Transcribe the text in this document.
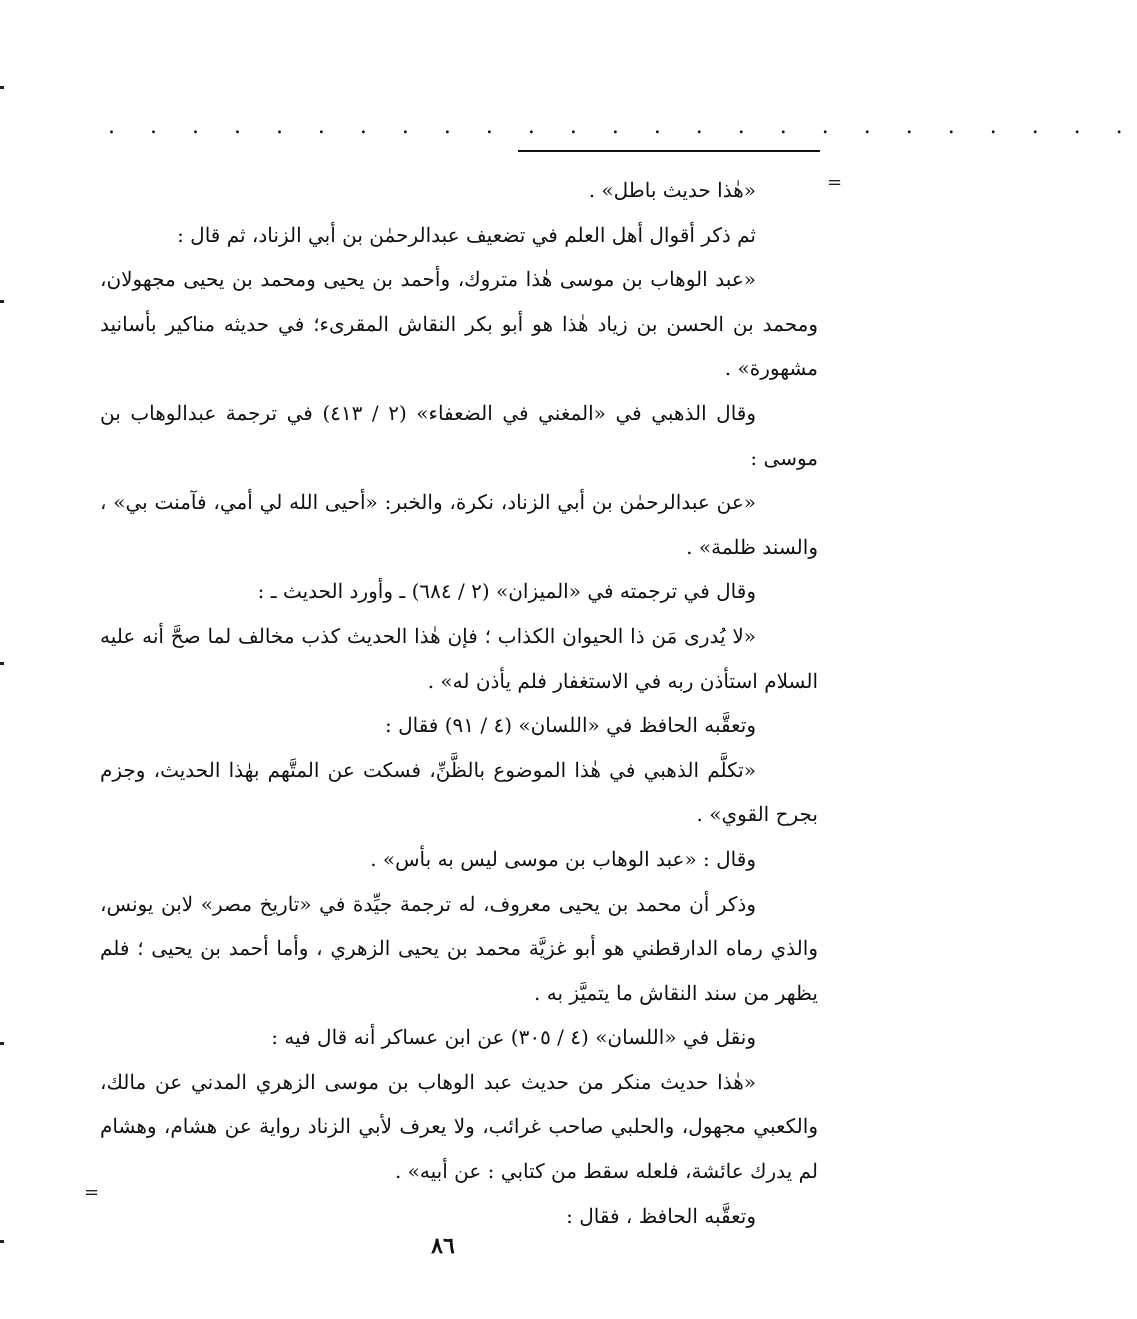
. . . . . . . . . . . . . . . . . . . . . . . . .
=
=

«هٰذا حديث باطل» .

ثم ذكر أقوال أهل العلم في تضعيف عبدالرحمٰن بن أبي الزناد، ثم قال :

«عبد الوهاب بن موسى هٰذا متروك، وأحمد بن يحيى ومحمد بن يحيى مجهولان، ومحمد بن الحسن بن زياد هٰذا هو أبو بكر النقاش المقرىء؛ في حديثه مناكير بأسانيد مشهورة» .

وقال الذهبي في «المغني في الضعفاء» (٢ / ٤١٣) في ترجمة عبدالوهاب بن موسى :

«عن عبدالرحمٰن بن أبي الزناد، نكرة، والخبر: «أحيى الله لي أمي، فآمنت بي» ، والسند ظلمة» .

وقال في ترجمته في «الميزان» (٢ / ٦٨٤) ـ وأورد الحديث ـ :

«لا يُدرى مَن ذا الحيوان الكذاب ؛ فإن هٰذا الحديث كذب مخالف لما صحَّ أنه عليه السلام استأذن ربه في الاستغفار فلم يأذن له» .

وتعقَّبه الحافظ في «اللسان» (٤ / ٩١) فقال :

«تكلَّم الذهبي في هٰذا الموضوع بالظَّنِّ، فسكت عن المتَّهم بهٰذا الحديث، وجزم بجرح القوي» .

وقال : «عبد الوهاب بن موسى ليس به بأس» .

وذكر أن محمد بن يحيى معروف، له ترجمة جيِّدة في «تاريخ مصر» لابن يونس، والذي رماه الدارقطني هو أبو غزيَّة محمد بن يحيى الزهري ، وأما أحمد بن يحيى ؛ فلم يظهر من سند النقاش ما يتميَّز به .

ونقل في «اللسان» (٤ / ٣٠٥) عن ابن عساكر أنه قال فيه :

«هٰذا حديث منكر من حديث عبد الوهاب بن موسى الزهري المدني عن مالك، والكعبي مجهول، والحلبي صاحب غرائب، ولا يعرف لأبي الزناد رواية عن هشام، وهشام لم يدرك عائشة، فلعله سقط من كتابي : عن أبيه» .

وتعقَّبه الحافظ ، فقال :

٨٦
